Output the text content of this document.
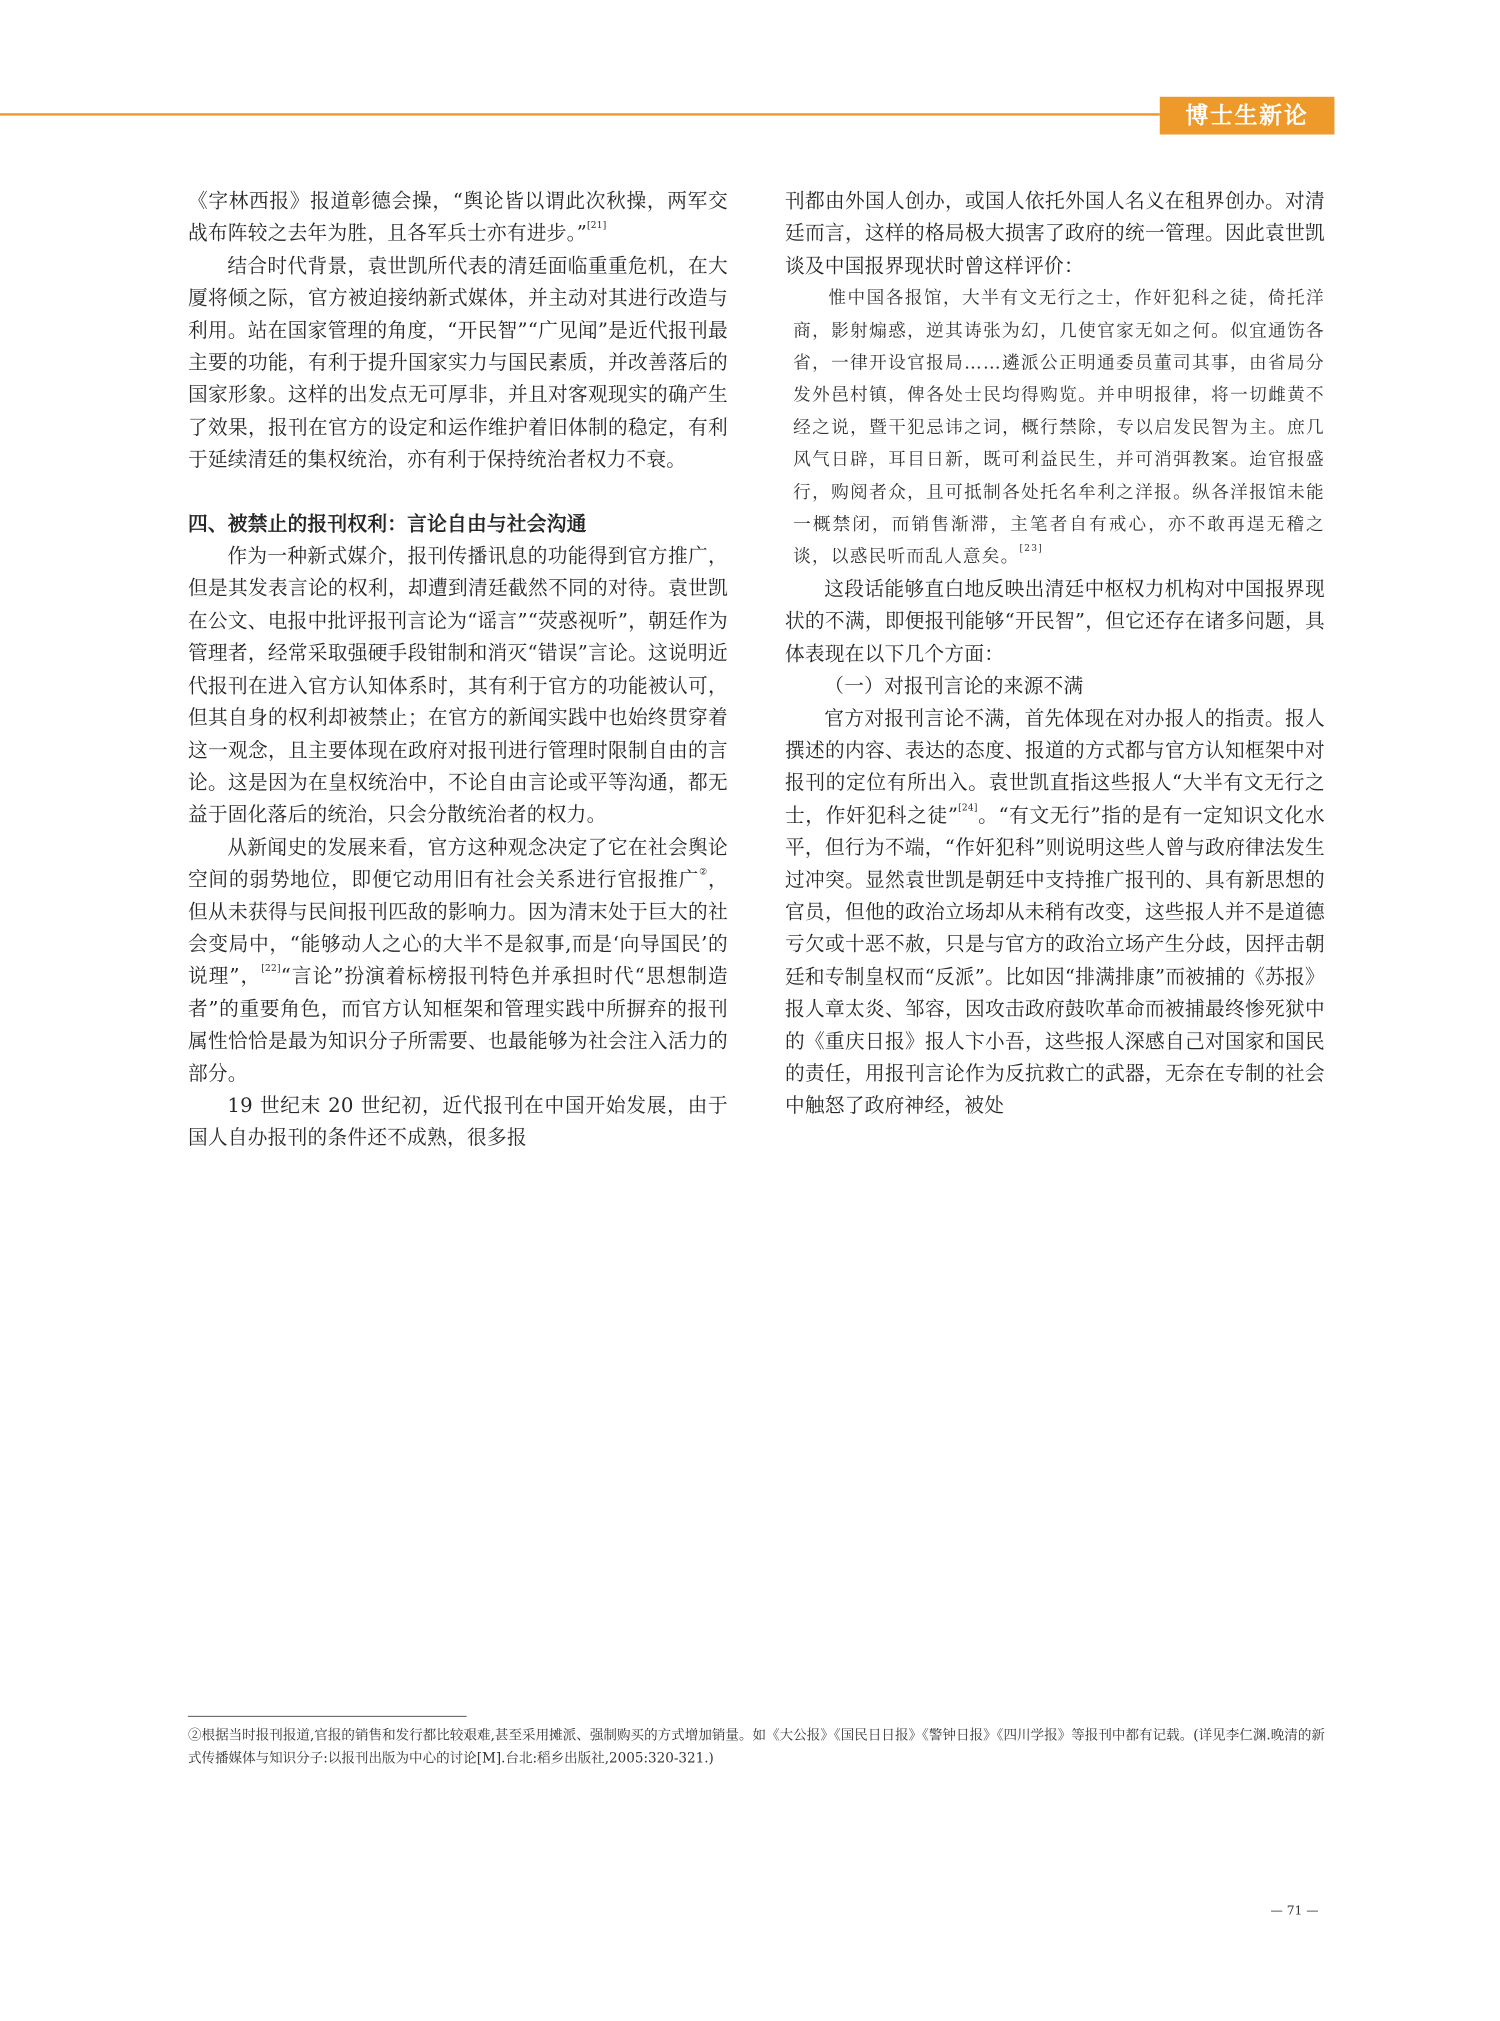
博士生新论

《字林西报》报道彰德会操，“舆论皆以谓此次秋操，两军交战布阵较之去年为胜，且各军兵士亦有进步。”[21]

结合时代背景，袁世凯所代表的清廷面临重重危机，在大厦将倾之际，官方被迫接纳新式媒体，并主动对其进行改造与利用。站在国家管理的角度，“开民智”“广见闻”是近代报刊最主要的功能，有利于提升国家实力与国民素质，并改善落后的国家形象。这样的出发点无可厚非，并且对客观现实的确产生了效果，报刊在官方的设定和运作维护着旧体制的稳定，有利于延续清廷的集权统治，亦有利于保持统治者权力不衰。

四、被禁止的报刊权利：言论自由与社会沟通

作为一种新式媒介，报刊传播讯息的功能得到官方推广，但是其发表言论的权利，却遭到清廷截然不同的对待。袁世凯在公文、电报中批评报刊言论为“谣言”“荧惑视听”，朝廷作为管理者，经常采取强硬手段钳制和消灭“错误”言论。这说明近代报刊在进入官方认知体系时，其有利于官方的功能被认可，但其自身的权利却被禁止；在官方的新闻实践中也始终贯穿着这一观念，且主要体现在政府对报刊进行管理时限制自由的言论。这是因为在皇权统治中，不论自由言论或平等沟通，都无益于固化落后的统治，只会分散统治者的权力。

从新闻史的发展来看，官方这种观念决定了它在社会舆论空间的弱势地位，即便它动用旧有社会关系进行官报推广②，但从未获得与民间报刊匹敌的影响力。因为清末处于巨大的社会变局中，“能够动人之心的大半不是叙事,而是‘向导国民’的说理”，[22]“言论”扮演着标榜报刊特色并承担时代“思想制造者”的重要角色，而官方认知框架和管理实践中所摒弃的报刊属性恰恰是最为知识分子所需要、也最能够为社会注入活力的部分。

19 世纪末 20 世纪初，近代报刊在中国开始发展，由于国人自办报刊的条件还不成熟，很多报

刊都由外国人创办，或国人依托外国人名义在租界创办。对清廷而言，这样的格局极大损害了政府的统一管理。因此袁世凯谈及中国报界现状时曾这样评价：

惟中国各报馆，大半有文无行之士，作奸犯科之徒，倚托洋商，影射煽惑，逆其诪张为幻，几使官家无如之何。似宜通饬各省，一律开设官报局……遴派公正明通委员董司其事，由省局分发外邑村镇，俾各处士民均得购览。并申明报律，将一切雌黄不经之说，暨干犯忌讳之词，概行禁除，专以启发民智为主。庶几风气日辟，耳目日新，既可利益民生，并可消弭教案。迨官报盛行，购阅者众，且可抵制各处托名牟利之洋报。纵各洋报馆未能一概禁闭，而销售渐滞，主笔者自有戒心，亦不敢再逞无稽之谈，以惑民听而乱人意矣。[23]

这段话能够直白地反映出清廷中枢权力机构对中国报界现状的不满，即便报刊能够“开民智”，但它还存在诸多问题，具体表现在以下几个方面：

（一）对报刊言论的来源不满

官方对报刊言论不满，首先体现在对办报人的指责。报人撰述的内容、表达的态度、报道的方式都与官方认知框架中对报刊的定位有所出入。袁世凯直指这些报人“大半有文无行之士，作奸犯科之徒”[24]。“有文无行”指的是有一定知识文化水平，但行为不端，“作奸犯科”则说明这些人曾与政府律法发生过冲突。显然袁世凯是朝廷中支持推广报刊的、具有新思想的官员，但他的政治立场却从未稍有改变，这些报人并不是道德亏欠或十恶不赦，只是与官方的政治立场产生分歧，因抨击朝廷和专制皇权而“反派”。比如因“排满排康”而被捕的《苏报》报人章太炎、邹容，因攻击政府鼓吹革命而被捕最终惨死狱中的《重庆日报》报人卞小吾，这些报人深感自己对国家和国民的责任，用报刊言论作为反抗救亡的武器，无奈在专制的社会中触怒了政府神经，被处

②根据当时报刊报道,官报的销售和发行都比较艰难,甚至采用摊派、强制购买的方式增加销量。如《大公报》《国民日日报》《警钟日报》《四川学报》等报刊中都有记载。(详见李仁渊.晚清的新式传播媒体与知识分子:以报刊出版为中心的讨论[M].台北:稻乡出版社,2005:320-321.)
— 71 —
